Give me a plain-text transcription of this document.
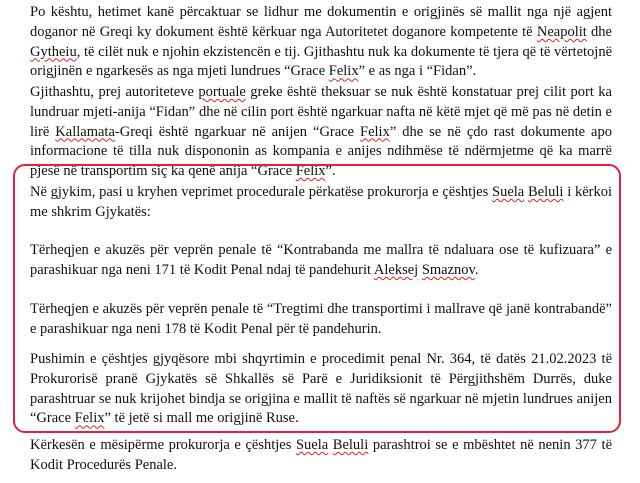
Po kështu, hetimet kanë përcaktuar se lidhur me dokumentin e origjinës së mallit nga një agjent doganor në Greqi ky dokument është kërkuar nga Autoritetet doganore kompetente të Neapolit dhe Gytheiu, të cilët nuk e njohin ekzistencën e tij. Gjithashtu nuk ka dokumente të tjera që të vërtetojnë origjinën e ngarkesës as nga mjeti lundrues “Grace Felix” e as nga i “Fidan”.

Gjithashtu, prej autoriteteve portuale greke është theksuar se nuk është konstatuar prej cilit port ka lundruar mjeti-anija “Fidan” dhe në cilin port është ngarkuar nafta në këtë mjet që më pas në detin e lirë Kallamata-Greqi është ngarkuar në anijen “Grace Felix” dhe se në çdo rast dokumente apo informacione të tilla nuk dispononin as kompania e anijes ndihmëse të ndërmjetme që ka marrë pjesë në transportim siç ka qenë anija “Grace Felix”.

Në gjykim, pasi u kryhen veprimet procedurale përkatëse prokurorja e çështjes Suela Beluli i kërkoi me shkrim Gjykatës:

Tërheqjen e akuzës për veprën penale të “Kontrabanda me mallra të ndaluara ose të kufizuara” e parashikuar nga neni 171 të Kodit Penal ndaj të pandehurit Aleksej Smaznov.

Tërheqjen e akuzës për veprën penale të “Tregtimi dhe transportimi i mallrave që janë kontrabandë” e parashikuar nga neni 178 të Kodit Penal për të pandehurin.

Pushimin e çështjes gjyqësore mbi shqyrtimin e procedimit penal Nr. 364, të datës 21.02.2023 të Prokurorisë pranë Gjykatës së Shkallës së Parë e Juridiksionit të Përgjithshëm Durrës, duke parashtruar se nuk krijohet bindja se origjina e mallit të naftës së ngarkuar në mjetin lundrues anijen “Grace Felix” të jetë si mall me origjinë Ruse.

Kërkesën e mësipërme prokurorja e çështjes Suela Beluli parashtroi se e mbështet në nenin 377 të Kodit Procedurës Penale.
